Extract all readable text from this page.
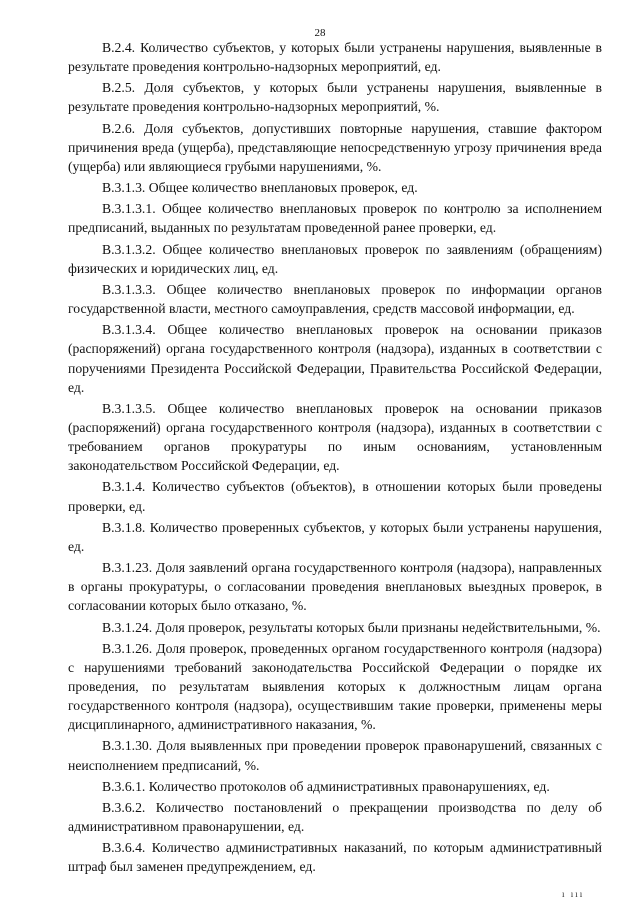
28

В.2.4. Количество субъектов, у которых были устранены нарушения, выявленные в результате проведения контрольно-надзорных мероприятий, ед.

В.2.5. Доля субъектов, у которых были устранены нарушения, выявленные в результате проведения контрольно-надзорных мероприятий, %.

В.2.6. Доля субъектов, допустивших повторные нарушения, ставшие фактором причинения вреда (ущерба), представляющие непосредственную угрозу причинения вреда (ущерба) или являющиеся грубыми нарушениями, %.

В.3.1.3. Общее количество внеплановых проверок, ед.

В.3.1.3.1. Общее количество внеплановых проверок по контролю за исполнением предписаний, выданных по результатам проведенной ранее проверки, ед.

В.3.1.3.2. Общее количество внеплановых проверок по заявлениям (обращениям) физических и юридических лиц, ед.

В.3.1.3.3. Общее количество внеплановых проверок по информации органов государственной власти, местного самоуправления, средств массовой информации, ед.

В.3.1.3.4. Общее количество внеплановых проверок на основании приказов (распоряжений) органа государственного контроля (надзора), изданных в соответствии с поручениями Президента Российской Федерации, Правительства Российской Федерации, ед.

В.3.1.3.5. Общее количество внеплановых проверок на основании приказов (распоряжений) органа государственного контроля (надзора), изданных в соответствии с требованием органов прокуратуры по иным основаниям, установленным законодательством Российской Федерации, ед.

В.3.1.4. Количество субъектов (объектов), в отношении которых были проведены проверки, ед.

В.3.1.8. Количество проверенных субъектов, у которых были устранены нарушения, ед.

В.3.1.23. Доля заявлений органа государственного контроля (надзора), направленных в органы прокуратуры, о согласовании проведения внеплановых выездных проверок, в согласовании которых было отказано, %.

В.3.1.24. Доля проверок, результаты которых были признаны недействительными, %.

В.3.1.26. Доля проверок, проведенных органом государственного контроля (надзора) с нарушениями требований законодательства Российской Федерации о порядке их проведения, по результатам выявления которых к должностным лицам органа государственного контроля (надзора), осуществившим такие проверки, применены меры дисциплинарного, административного наказания, %.

В.3.1.30. Доля выявленных при проведении проверок правонарушений, связанных с неисполнением предписаний, %.

В.3.6.1. Количество протоколов об административных правонарушениях, ед.

В.3.6.2. Количество постановлений о прекращении производства по делу об административном правонарушении, ед.

В.3.6.4. Количество административных наказаний, по которым административный штраф был заменен предупреждением, ед.

ı ııı
